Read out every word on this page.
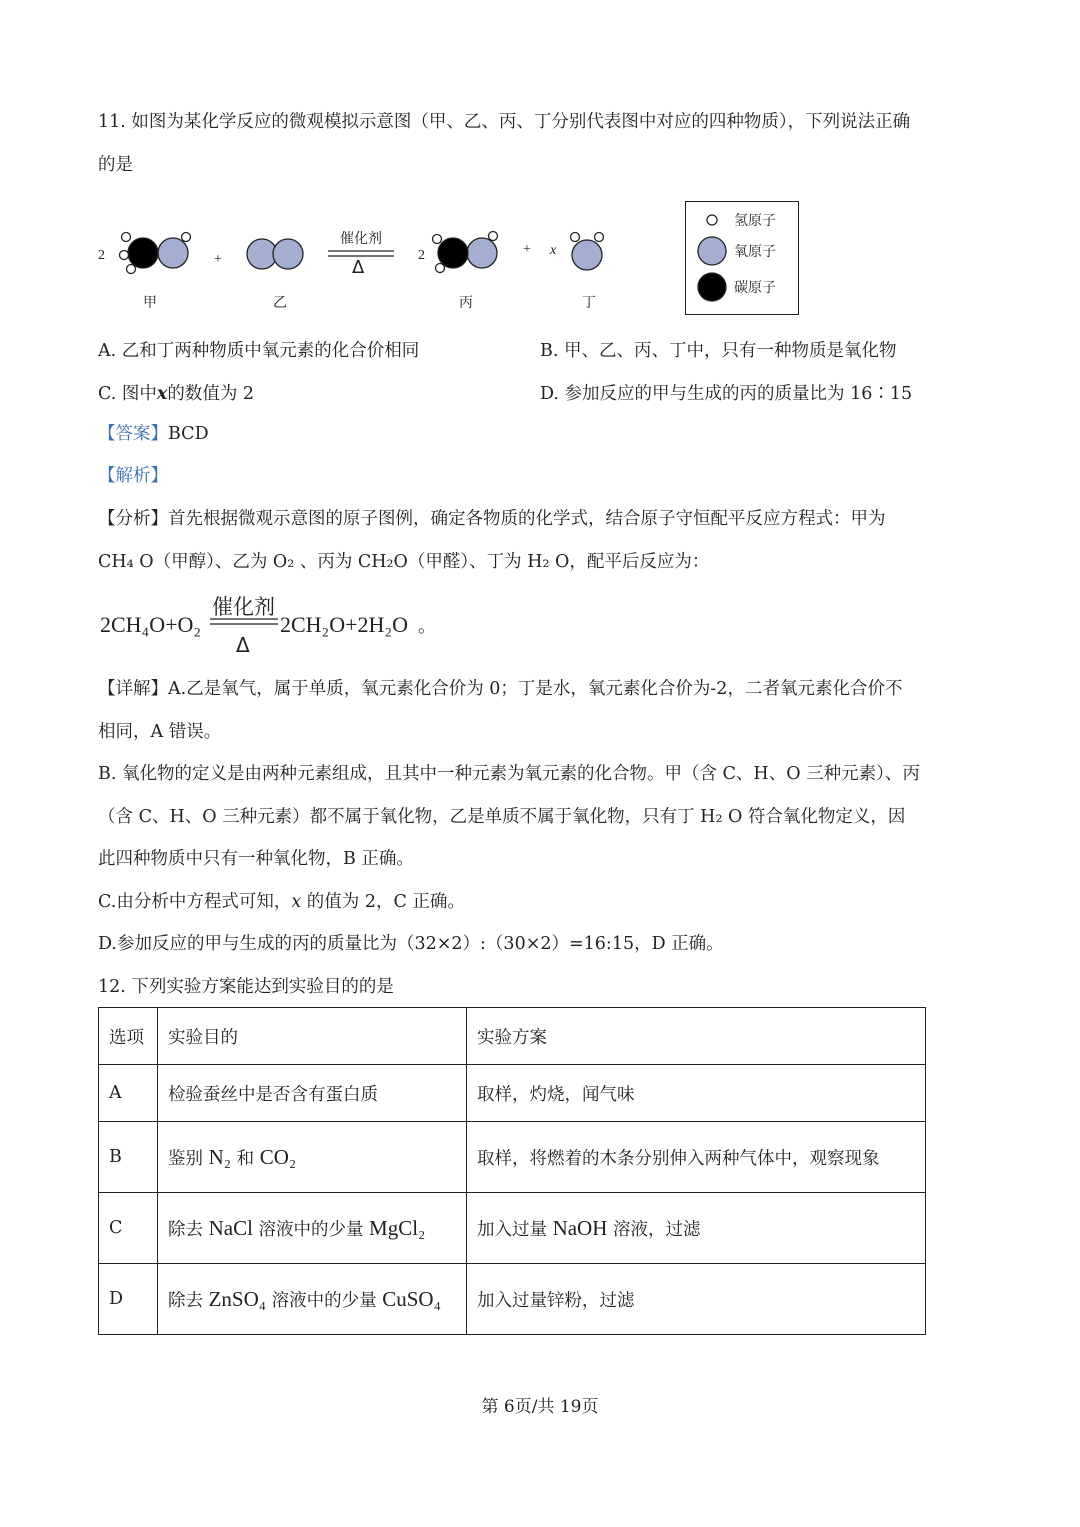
11. 如图为某化学反应的微观模拟示意图（甲、乙、丙、丁分别代表图中对应的四种物质），下列说法正确
的是
2	+	2	+ x
催化剂
Δ
甲	乙	丙	丁
氢原子
氧原子
碳原子
A. 乙和丁两种物质中氧元素的化合价相同	B. 甲、乙、丙、丁中，只有一种物质是氧化物
C. 图中x的数值为 2	D. 参加反应的甲与生成的丙的质量比为 16∶15
【答案】BCD
【解析】
【分析】首先根据微观示意图的原子图例，确定各物质的化学式，结合原子守恒配平反应方程式：甲为
CH₄ O（甲醇）、乙为 O₂ 、丙为 CH₂O（甲醛）、丁为 H₂ O，配平后反应为：
2CH₄O+O₂
催化剂
Δ
2CH₂O+2H₂O 。
【详解】A.乙是氧气，属于单质，氧元素化合价为 0；丁是水，氧元素化合价为-2，二者氧元素化合价不
相同，A 错误。
B. 氧化物的定义是由两种元素组成，且其中一种元素为氧元素的化合物。甲（含 C、H、O 三种元素）、丙
（含 C、H、O 三种元素）都不属于氧化物，乙是单质不属于氧化物，只有丁 H₂ O 符合氧化物定义，因
此四种物质中只有一种氧化物，B 正确。
C.由分析中方程式可知，x 的值为 2，C 正确。
D.参加反应的甲与生成的丙的质量比为（32×2）:（30×2）=16:15，D 正确。
12. 下列实验方案能达到实验目的的是
选项	实验目的	实验方案
A	检验蚕丝中是否含有蛋白质	取样，灼烧，闻气味
B	鉴别 N₂ 和 CO₂	取样，将燃着的木条分别伸入两种气体中，观察现象
C	除去 NaCl 溶液中的少量 MgCl₂	加入过量 NaOH 溶液，过滤
D	除去 ZnSO₄ 溶液中的少量 CuSO₄	加入过量锌粉，过滤
第 6页/共 19页
